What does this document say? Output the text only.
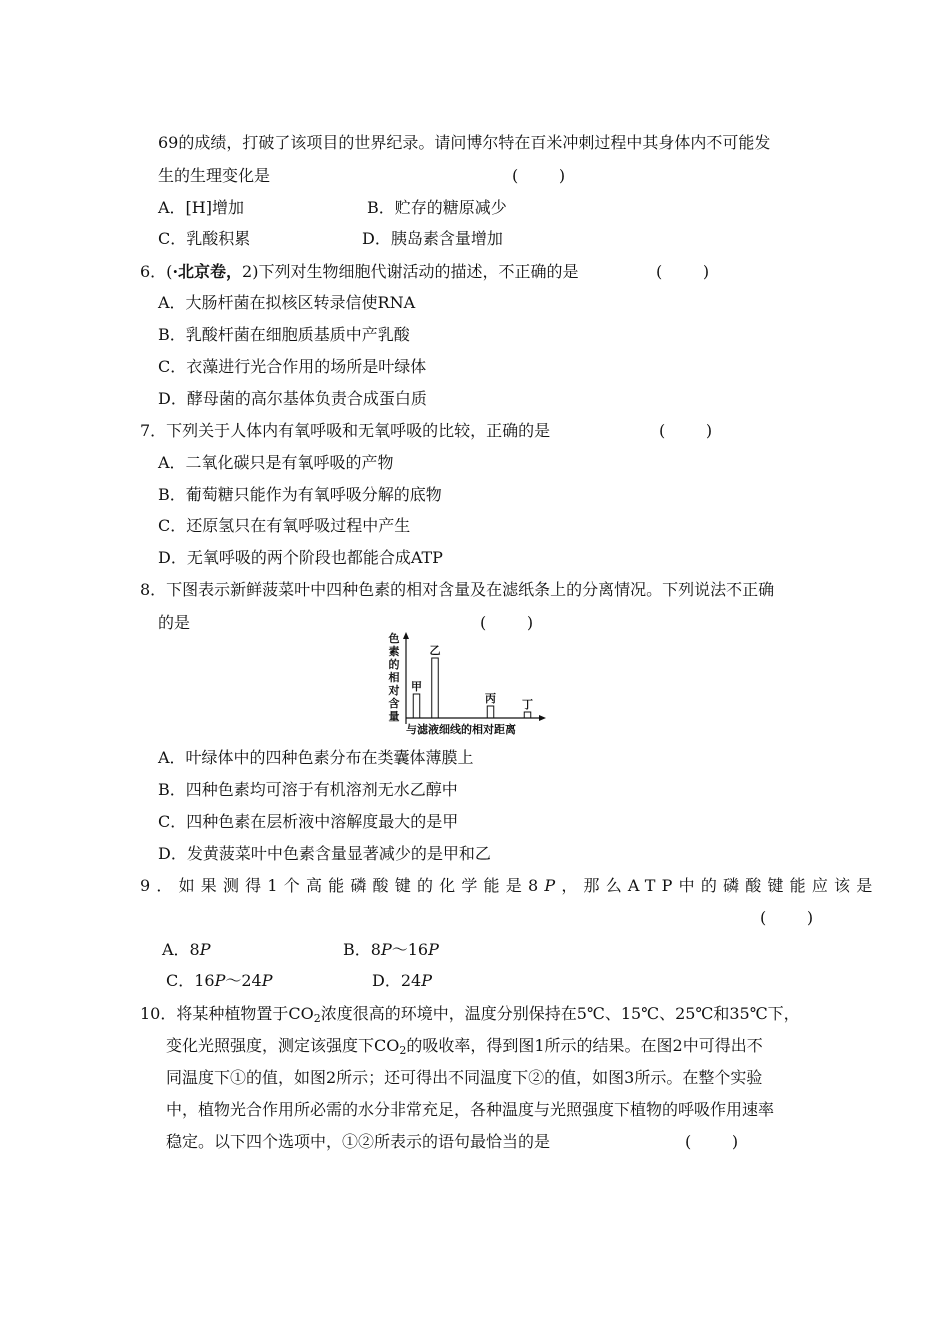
69的成绩，打破了该项目的世界纪录。请问博尔特在百米冲刺过程中其身体内不可能发
生的生理变化是	(        )
A．[H]增加	B．贮存的糖原减少
C．乳酸积累	D．胰岛素含量增加
6．(·北京卷，2)下列对生物细胞代谢活动的描述，不正确的是	(        )
A．大肠杆菌在拟核区转录信使RNA
B．乳酸杆菌在细胞质基质中产乳酸
C．衣藻进行光合作用的场所是叶绿体
D．酵母菌的高尔基体负责合成蛋白质
7．下列关于人体内有氧呼吸和无氧呼吸的比较，正确的是	(        )
A．二氧化碳只是有氧呼吸的产物
B．葡萄糖只能作为有氧呼吸分解的底物
C．还原氢只在有氧呼吸过程中产生
D．无氧呼吸的两个阶段也都能合成ATP
8．下图表示新鲜菠菜叶中四种色素的相对含量及在滤纸条上的分离情况。下列说法不正确
的是	(        )
色
素
的
相
对
含
量
甲
乙
丙 丁
与滤液细线的相对距离
A．叶绿体中的四种色素分布在类囊体薄膜上
B．四种色素均可溶于有机溶剂无水乙醇中
C．四种色素在层析液中溶解度最大的是甲
D．发黄菠菜叶中色素含量显著减少的是甲和乙
9．如果测得1个高能磷酸键的化学能是8P，那么ATP中的磷酸键能应该是
(        )
A．8P	B．8P～16P
C．16P～24P	D．24P
10．将某种植物置于$CO_2$浓度很高的环境中，温度分别保持在5℃、15℃、25℃和35℃下，
变化光照强度，测定该强度下$CO_2$的吸收率，得到图1所示的结果。在图2中可得出不
同温度下①的值，如图2所示；还可得出不同温度下②的值，如图3所示。在整个实验
中，植物光合作用所必需的水分非常充足，各种温度与光照强度下植物的呼吸作用速率
稳定。以下四个选项中，①②所表示的语句最恰当的是	(        )
